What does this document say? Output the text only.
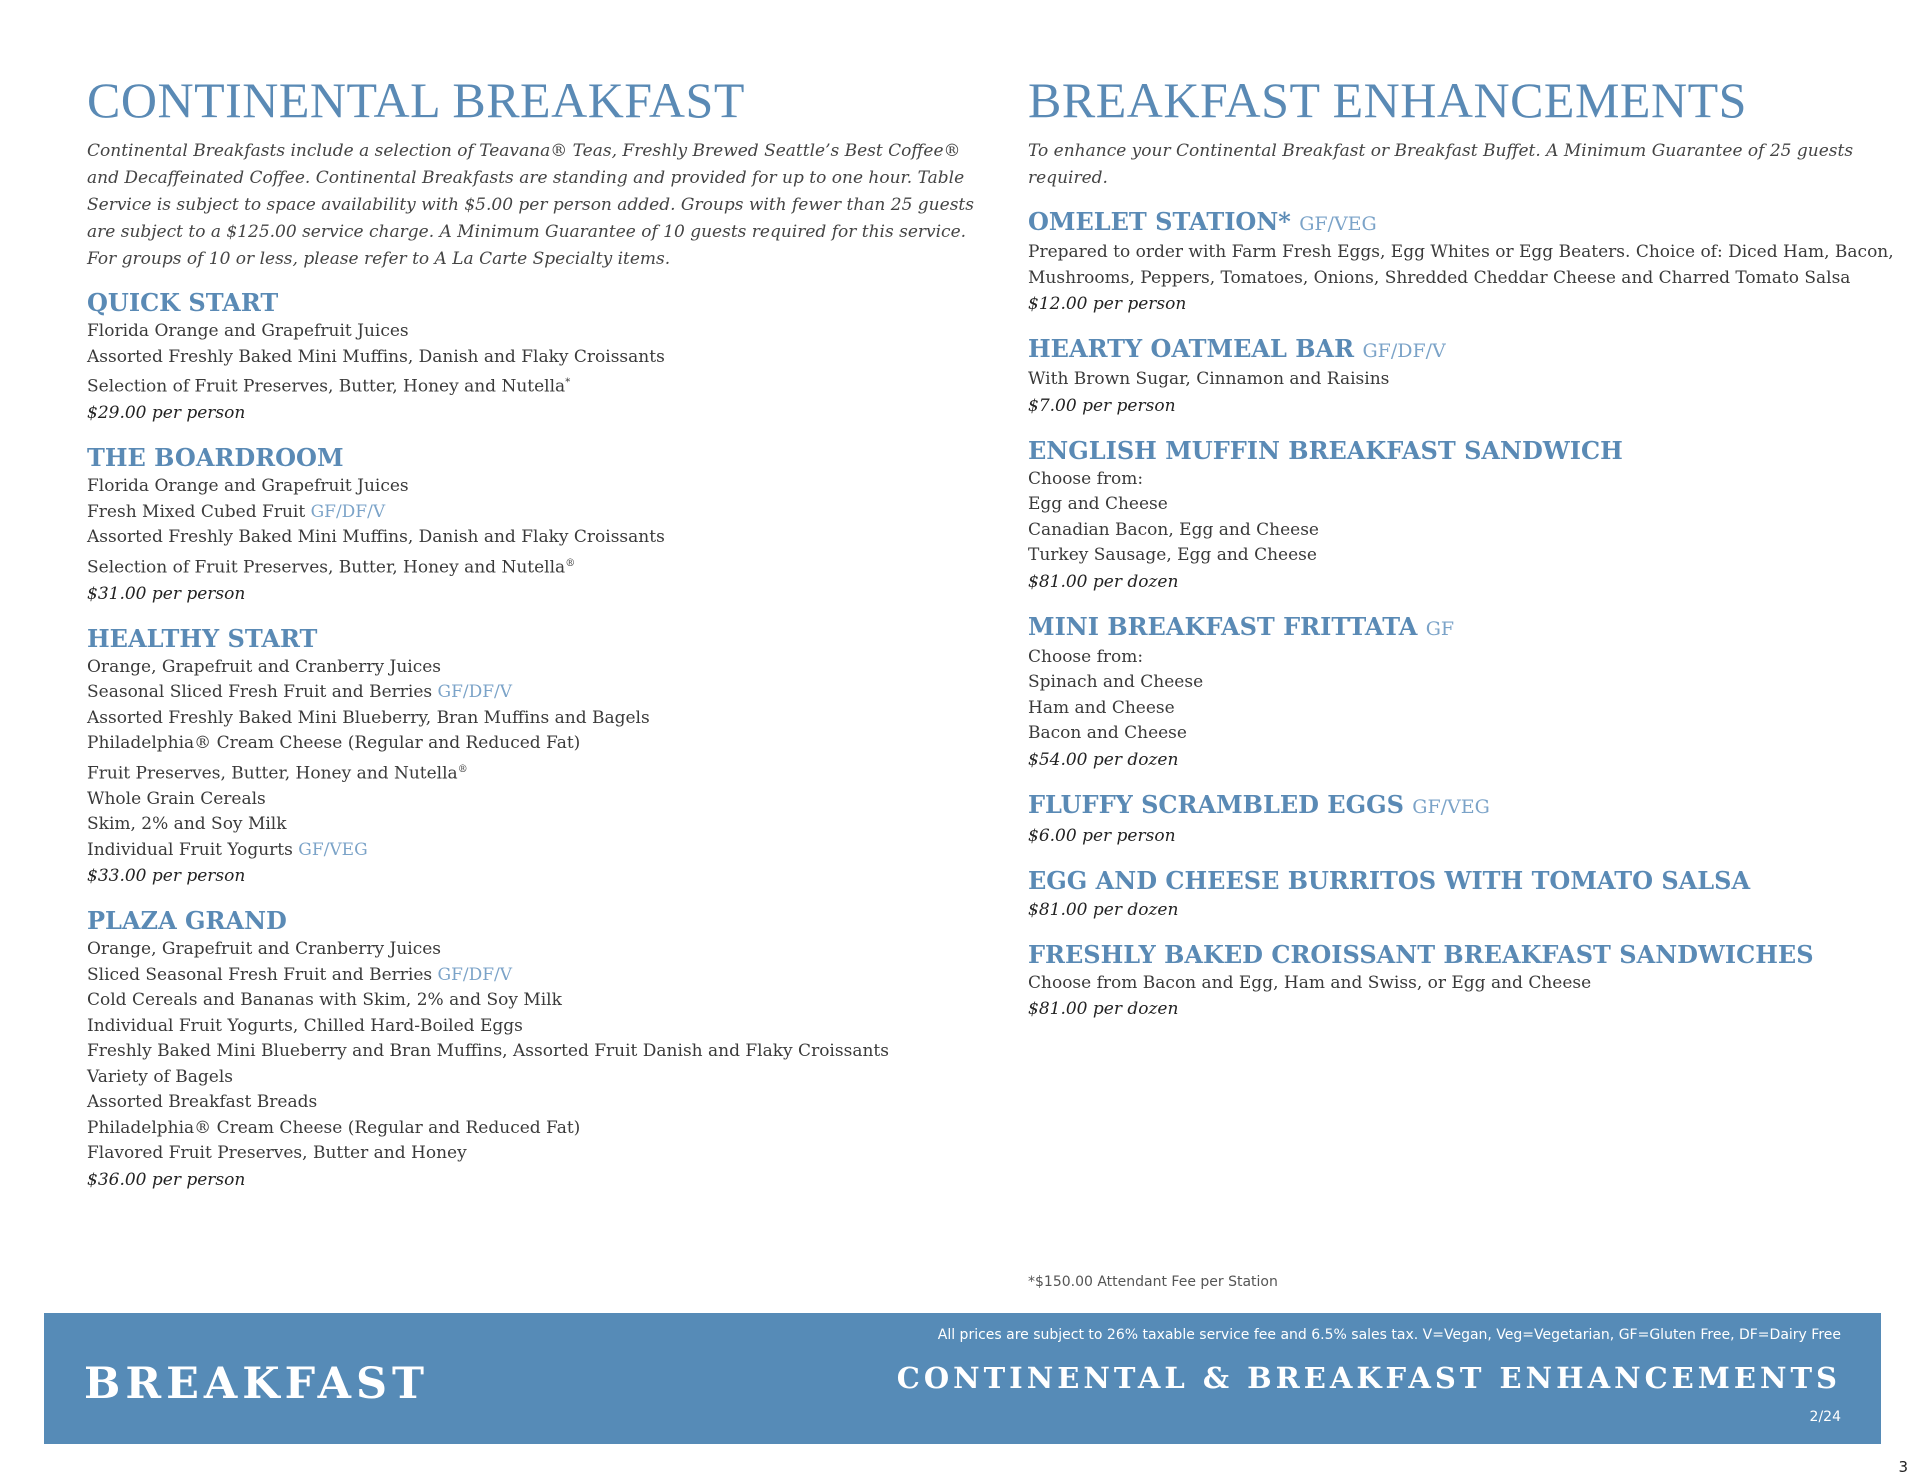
CONTINENTAL BREAKFAST

Continental Breakfasts include a selection of Teavana® Teas, Freshly Brewed Seattle’s Best Coffee® and Decaffeinated Coffee. Continental Breakfasts are standing and provided for up to one hour. Table Service is subject to space availability with $5.00 per person added. Groups with fewer than 25 guests are subject to a $125.00 service charge. A Minimum Guarantee of 10 guests required for this service. For groups of 10 or less, please refer to A La Carte Specialty items.

QUICK START

Florida Orange and Grapefruit Juices

Assorted Freshly Baked Mini Muffins, Danish and Flaky Croissants

Selection of Fruit Preserves, Butter, Honey and Nutella*

$29.00 per person

THE BOARDROOM

Florida Orange and Grapefruit Juices

Fresh Mixed Cubed Fruit GF/DF/V

Assorted Freshly Baked Mini Muffins, Danish and Flaky Croissants

Selection of Fruit Preserves, Butter, Honey and Nutella®

$31.00 per person

HEALTHY START

Orange, Grapefruit and Cranberry Juices

Seasonal Sliced Fresh Fruit and Berries GF/DF/V

Assorted Freshly Baked Mini Blueberry, Bran Muffins and Bagels

Philadelphia® Cream Cheese (Regular and Reduced Fat)

Fruit Preserves, Butter, Honey and Nutella®

Whole Grain Cereals

Skim, 2% and Soy Milk

Individual Fruit Yogurts GF/VEG

$33.00 per person

PLAZA GRAND

Orange, Grapefruit and Cranberry Juices

Sliced Seasonal Fresh Fruit and Berries GF/DF/V

Cold Cereals and Bananas with Skim, 2% and Soy Milk

Individual Fruit Yogurts, Chilled Hard-Boiled Eggs

Freshly Baked Mini Blueberry and Bran Muffins, Assorted Fruit Danish and Flaky Croissants

Variety of Bagels

Assorted Breakfast Breads

Philadelphia® Cream Cheese (Regular and Reduced Fat)

Flavored Fruit Preserves, Butter and Honey

$36.00 per person

BREAKFAST ENHANCEMENTS

To enhance your Continental Breakfast or Breakfast Buffet. A Minimum Guarantee of 25 guests required.

OMELET STATION* GF/VEG

Prepared to order with Farm Fresh Eggs, Egg Whites or Egg Beaters. Choice of: Diced Ham, Bacon, Mushrooms, Peppers, Tomatoes, Onions, Shredded Cheddar Cheese and Charred Tomato Salsa

$12.00 per person

HEARTY OATMEAL BAR GF/DF/V

With Brown Sugar, Cinnamon and Raisins

$7.00 per person

ENGLISH MUFFIN BREAKFAST SANDWICH

Choose from:

Egg and Cheese

Canadian Bacon, Egg and Cheese

Turkey Sausage, Egg and Cheese

$81.00 per dozen

MINI BREAKFAST FRITTATA GF

Choose from:

Spinach and Cheese

Ham and Cheese

Bacon and Cheese

$54.00 per dozen

FLUFFY SCRAMBLED EGGS GF/VEG

$6.00 per person

EGG AND CHEESE BURRITOS WITH TOMATO SALSA

$81.00 per dozen

FRESHLY BAKED CROISSANT BREAKFAST SANDWICHES

Choose from Bacon and Egg, Ham and Swiss, or Egg and Cheese

$81.00 per dozen

*$150.00 Attendant Fee per Station
BREAKFAST
All prices are subject to 26% taxable service fee and 6.5% sales tax. V=Vegan, Veg=Vegetarian, GF=Gluten Free, DF=Dairy Free
CONTINENTAL & BREAKFAST ENHANCEMENTS
2/24
3
